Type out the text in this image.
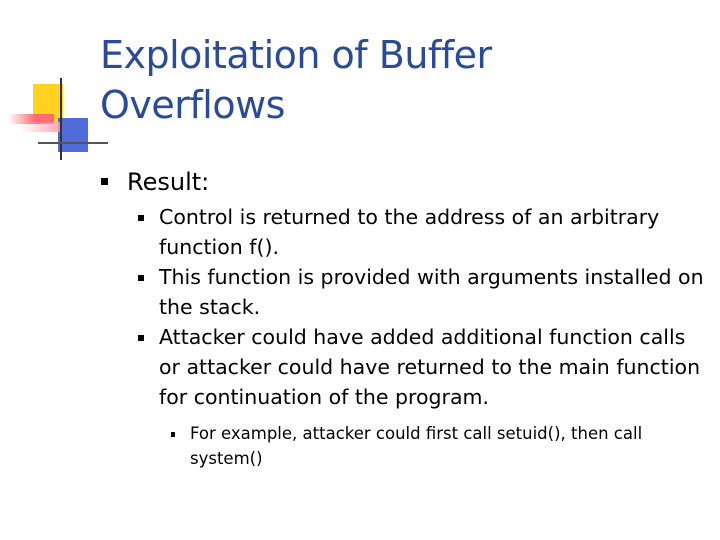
Exploitation of Buffer
Overflows
Result:
Control is returned to the address of an arbitrary function f().
This function is provided with arguments installed on the stack.
Attacker could have added additional function calls or attacker could have returned to the main function for continuation of the program.
For example, attacker could first call setuid(), then call system()
